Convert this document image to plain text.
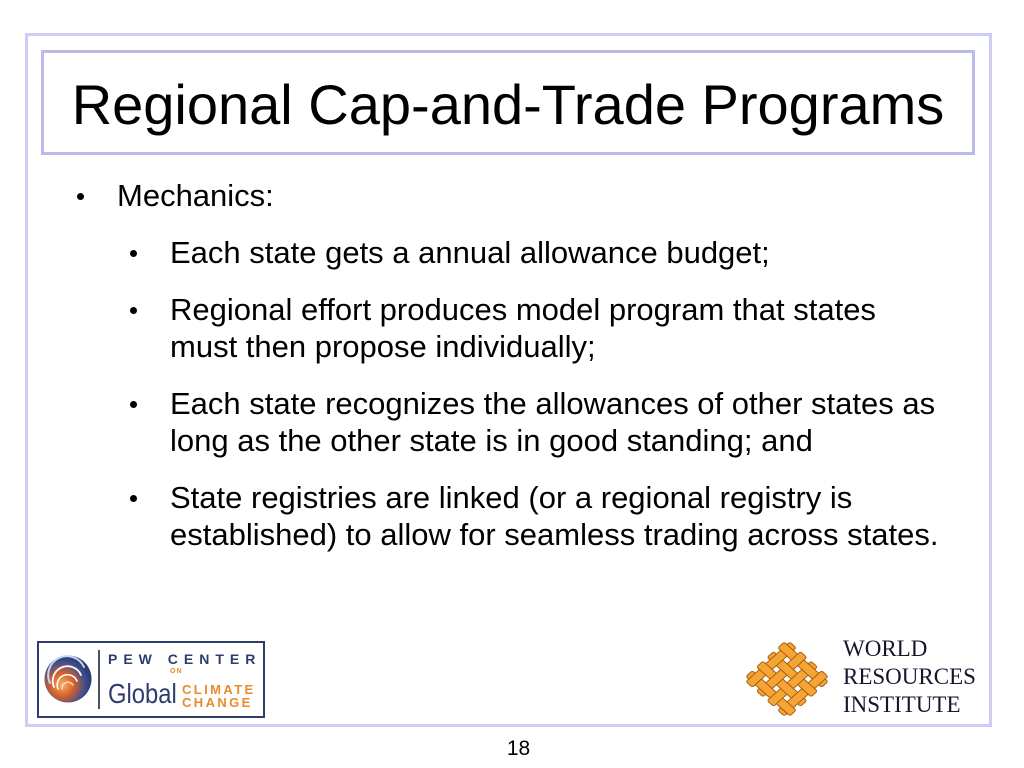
Regional Cap-and-Trade Programs
Mechanics:
Each state gets a annual allowance budget;
Regional effort produces model program that states must then propose individually;
Each state recognizes the allowances of other states as long as the other state is in good standing; and
State registries are linked (or a regional registry is established) to allow for seamless trading across states.
PEW CENTER
ON
Global CLIMATE
CHANGE
WORLD
RESOURCES
INSTITUTE
18
